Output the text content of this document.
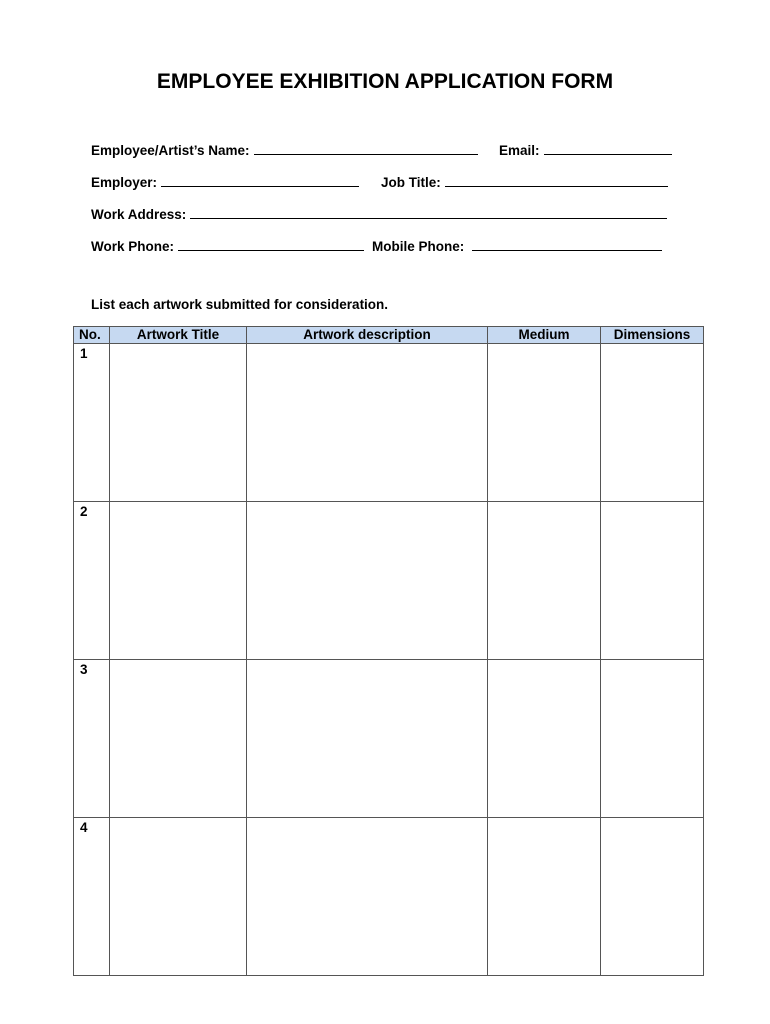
EMPLOYEE EXHIBITION APPLICATION FORM
Employee/Artist’s Name:	Email:
Employer:	Job Title:
Work Address:
Work Phone:	Mobile Phone:
List each artwork submitted for consideration.
No.	Artwork Title	Artwork description	Medium	Dimensions
1				
2				
3				
4				
